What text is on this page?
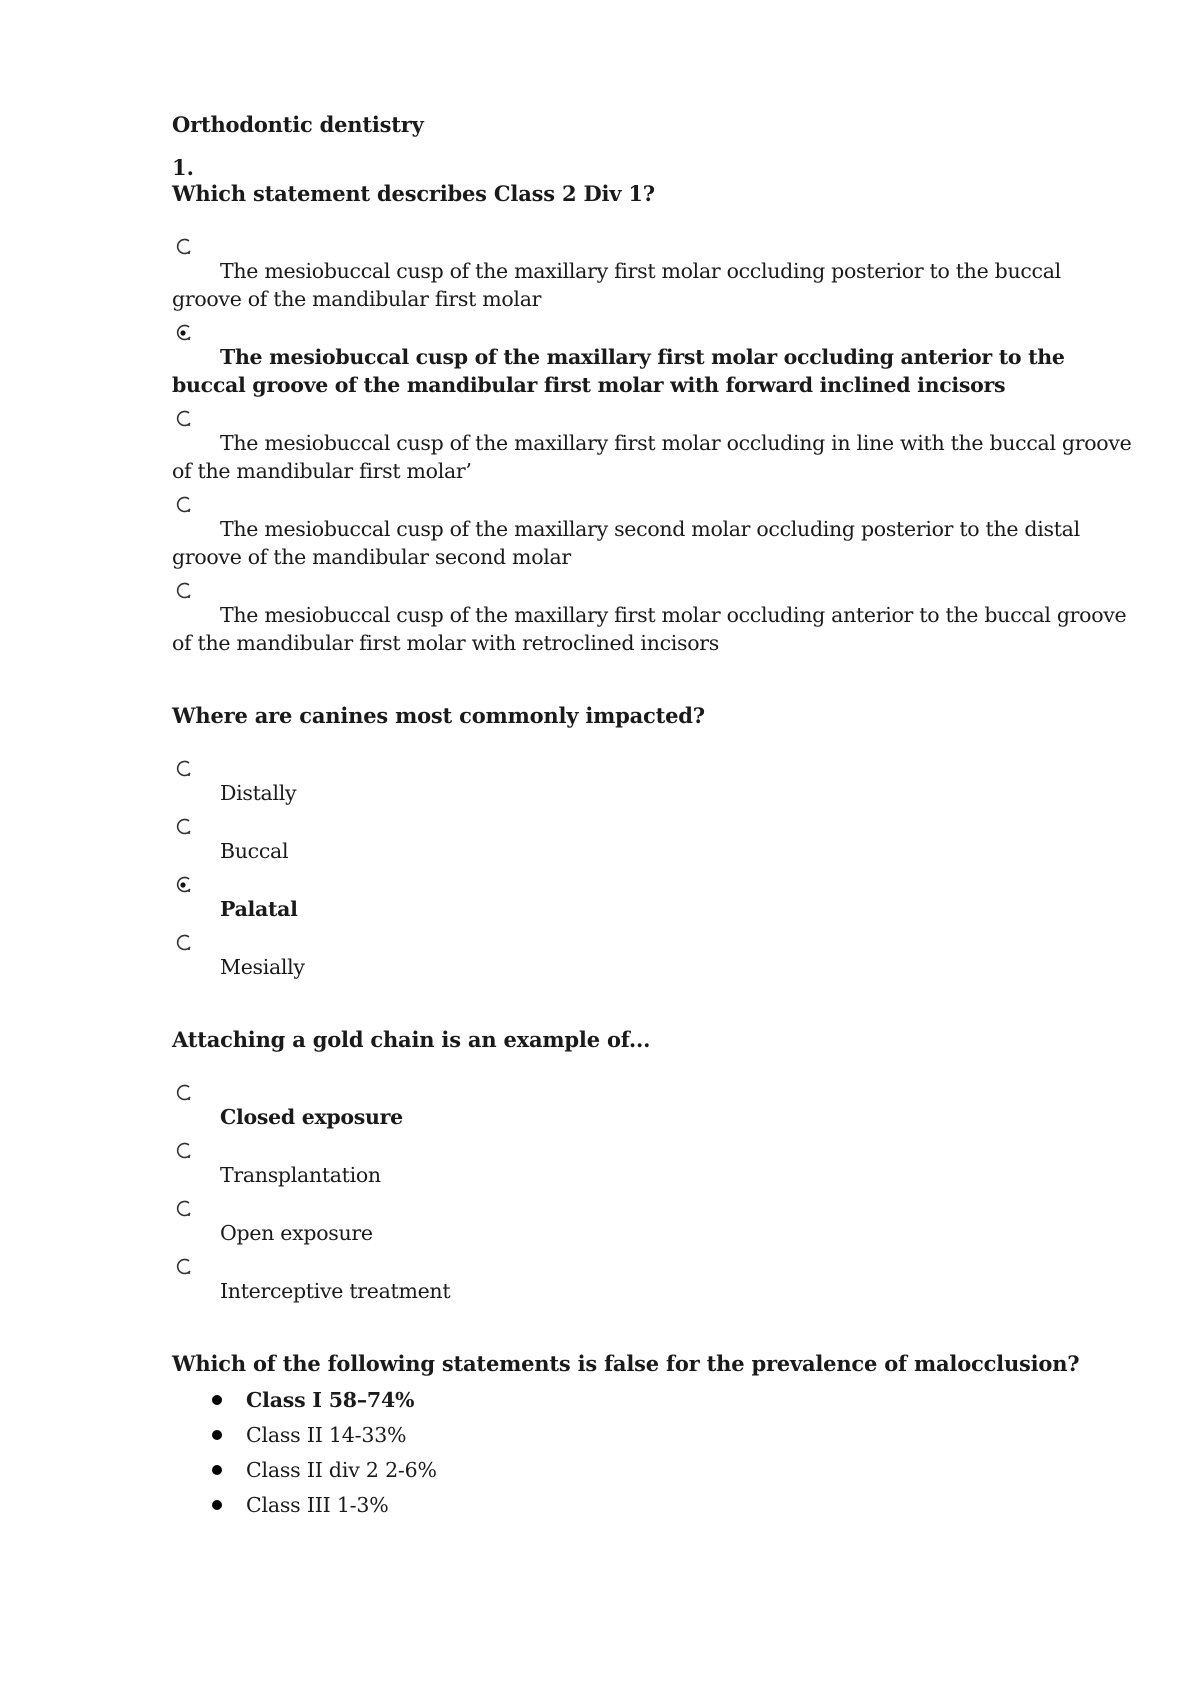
Orthodontic dentistry
1.
Which statement describes Class 2 Div 1?
The mesiobuccal cusp of the maxillary first molar occluding posterior to the buccal groove of the mandibular first molar
The mesiobuccal cusp of the maxillary first molar occluding anterior to the buccal groove of the mandibular first molar with forward inclined incisors
The mesiobuccal cusp of the maxillary first molar occluding in line with the buccal groove of the mandibular first molar’
The mesiobuccal cusp of the maxillary second molar occluding posterior to the distal groove of the mandibular second molar
The mesiobuccal cusp of the maxillary first molar occluding anterior to the buccal groove of the mandibular first molar with retroclined incisors
Where are canines most commonly impacted?
Distally
Buccal
Palatal
Mesially
Attaching a gold chain is an example of...
Closed exposure
Transplantation
Open exposure
Interceptive treatment
Which of the following statements is false for the prevalence of malocclusion?
Class I 58–74%
Class II 14-33%
Class II div 2 2-6%
Class III 1-3%
